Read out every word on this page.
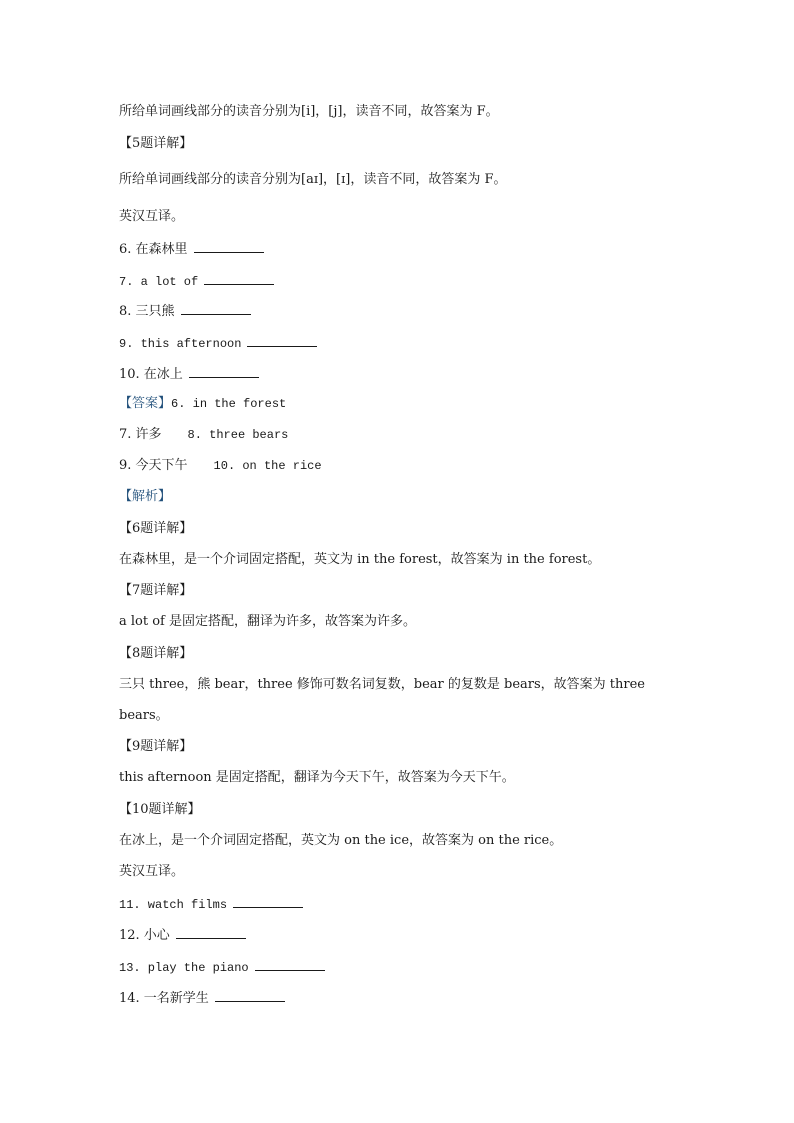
所给单词画线部分的读音分别为[i]，[j]，读音不同，故答案为 F。
【5题详解】
所给单词画线部分的读音分别为[aɪ]，[ɪ]，读音不同，故答案为 F。
英汉互译。
6. 在森林里
7. a lot of
8. 三只熊
9. this afternoon
10. 在冰上
【答案】6. in the forest
7. 许多 8. three bears
9. 今天下午 10. on the rice
【解析】
【6题详解】
在森林里，是一个介词固定搭配，英文为 in the forest，故答案为 in the forest。
【7题详解】
a lot of 是固定搭配，翻译为许多，故答案为许多。
【8题详解】
三只 three，熊 bear，three 修饰可数名词复数，bear 的复数是 bears，故答案为 three
bears。
【9题详解】
this afternoon 是固定搭配，翻译为今天下午，故答案为今天下午。
【10题详解】
在冰上，是一个介词固定搭配，英文为 on the ice，故答案为 on the rice。
英汉互译。
11. watch films
12. 小心
13. play the piano
14. 一名新学生
